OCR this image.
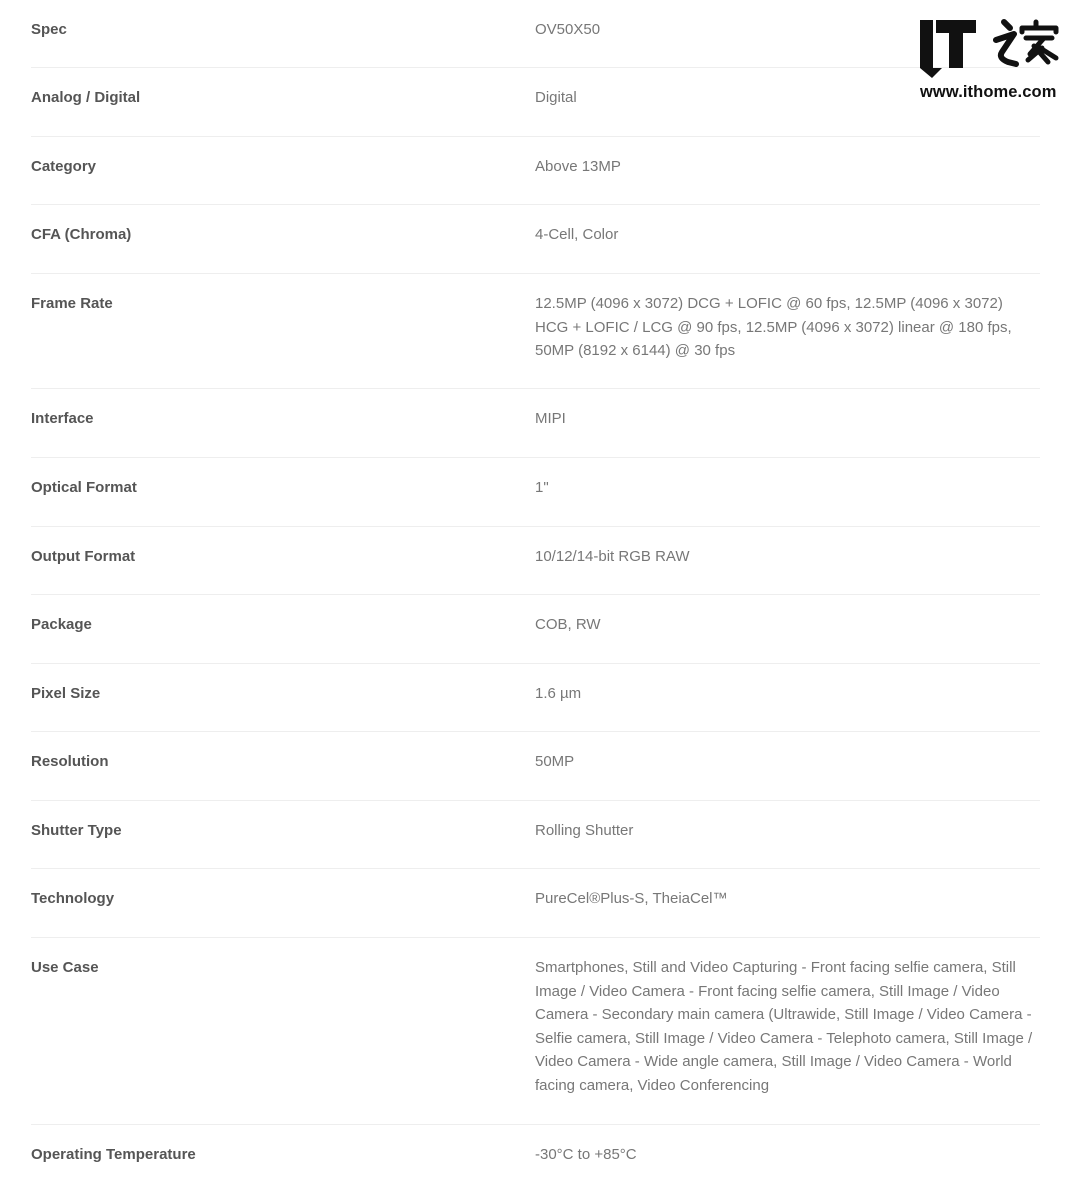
Spec	OV50X50
Analog / Digital	Digital
Category	Above 13MP
CFA (Chroma)	4-Cell, Color
Frame Rate	12.5MP (4096 x 3072) DCG + LOFIC @ 60 fps, 12.5MP (4096 x 3072) HCG + LOFIC / LCG @ 90 fps, 12.5MP (4096 x 3072) linear @ 180 fps, 50MP (8192 x 6144) @ 30 fps
Interface	MIPI
Optical Format	1"
Output Format	10/12/14-bit RGB RAW
Package	COB, RW
Pixel Size	1.6 µm
Resolution	50MP
Shutter Type	Rolling Shutter
Technology	PureCel®Plus-S, TheiaCel™
Use Case	Smartphones, Still and Video Capturing - Front facing selfie camera, Still Image / Video Camera - Front facing selfie camera, Still Image / Video Camera - Secondary main camera (Ultrawide, Still Image / Video Camera - Selfie camera, Still Image / Video Camera - Telephoto camera, Still Image / Video Camera - Wide angle camera, Still Image / Video Camera - World facing camera, Video Conferencing
Operating Temperature	-30°C to +85°C
www.ithome.com
